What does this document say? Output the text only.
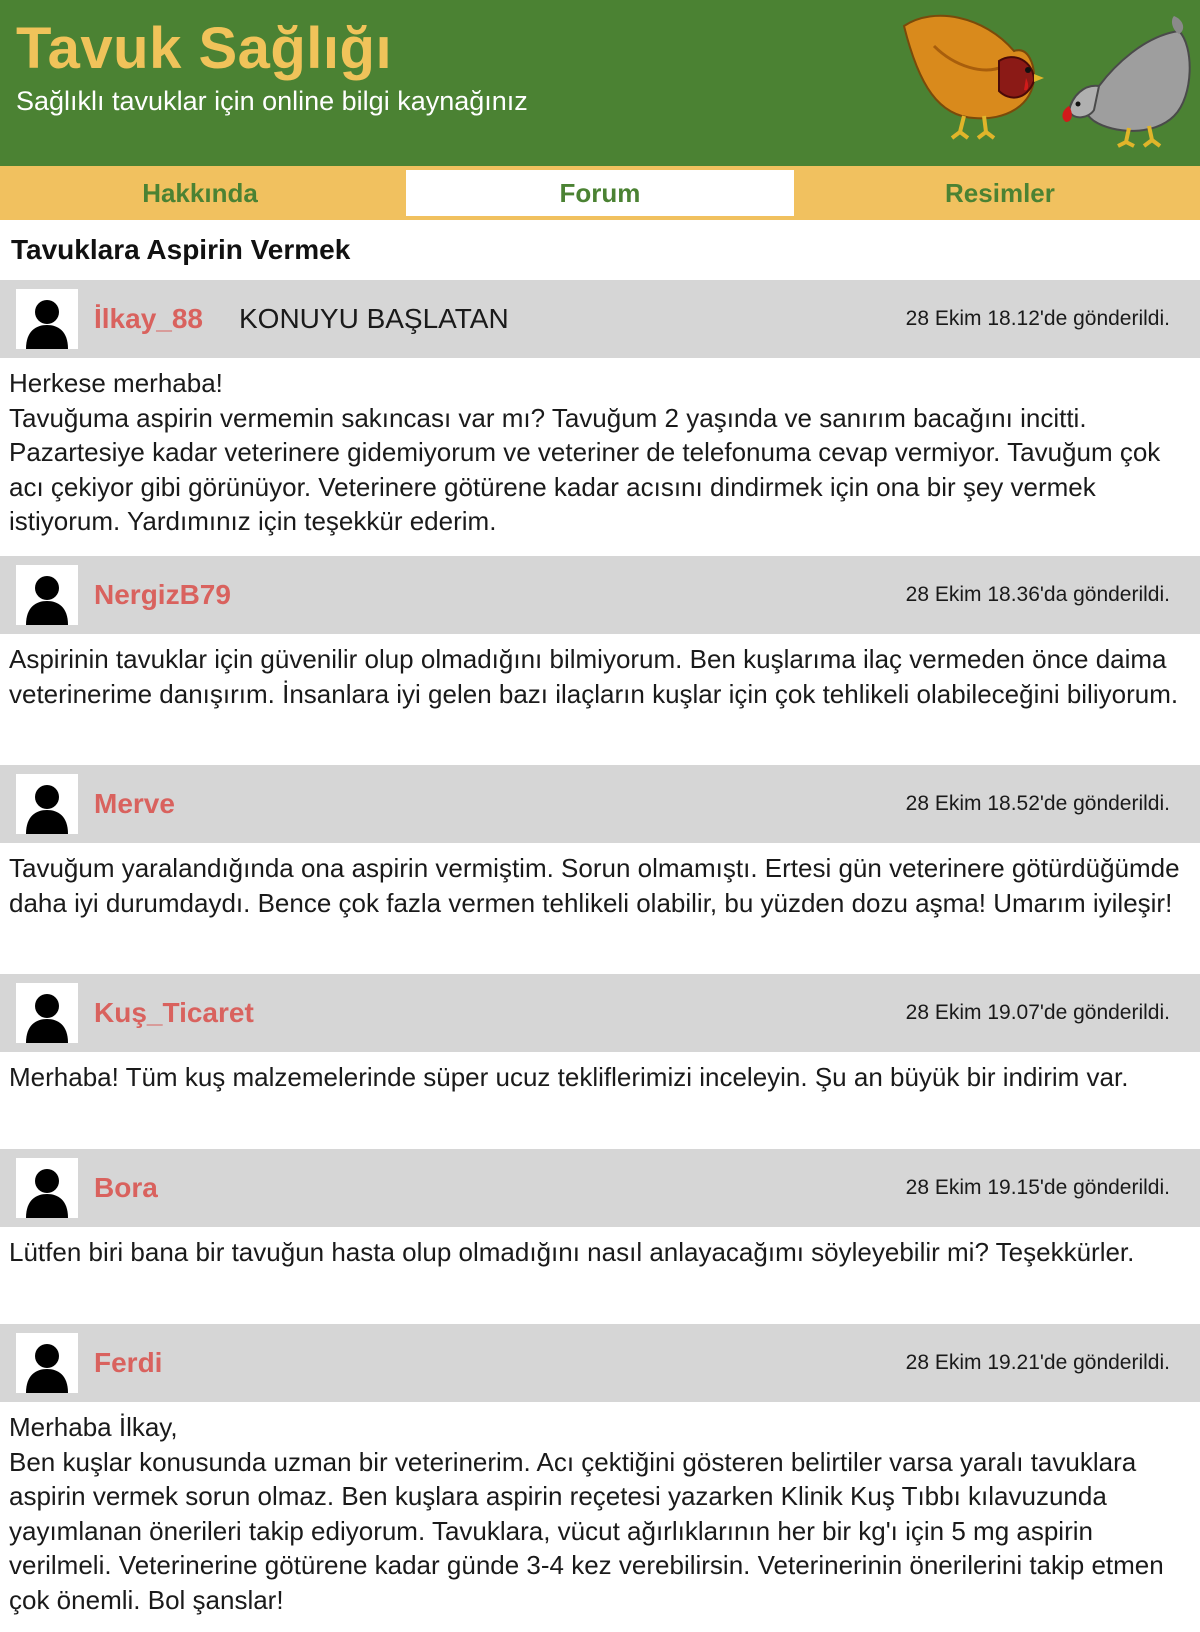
Tavuk Sağlığı
Sağlıklı tavuklar için online bilgi kaynağınız
Hakkında	Forum	Resimler
Tavuklara Aspirin Vermek
İlkay_88 KONUYU BAŞLATAN	28 Ekim 18.12'de gönderildi.
Herkese merhaba!
Tavuğuma aspirin vermemin sakıncası var mı? Tavuğum 2 yaşında ve sanırım bacağını incitti. Pazartesiye kadar veterinere gidemiyorum ve veteriner de telefonuma cevap vermiyor. Tavuğum çok acı çekiyor gibi görünüyor. Veterinere götürene kadar acısını dindirmek için ona bir şey vermek istiyorum. Yardımınız için teşekkür ederim.
NergizB79	28 Ekim 18.36'da gönderildi.
Aspirinin tavuklar için güvenilir olup olmadığını bilmiyorum. Ben kuşlarıma ilaç vermeden önce daima veterinerime danışırım. İnsanlara iyi gelen bazı ilaçların kuşlar için çok tehlikeli olabileceğini biliyorum.
Merve	28 Ekim 18.52'de gönderildi.
Tavuğum yaralandığında ona aspirin vermiştim. Sorun olmamıştı. Ertesi gün veterinere götürdüğümde daha iyi durumdaydı. Bence çok fazla vermen tehlikeli olabilir, bu yüzden dozu aşma! Umarım iyileşir!
Kuş_Ticaret	28 Ekim 19.07'de gönderildi.
Merhaba! Tüm kuş malzemelerinde süper ucuz tekliflerimizi inceleyin. Şu an büyük bir indirim var.
Bora	28 Ekim 19.15'de gönderildi.
Lütfen biri bana bir tavuğun hasta olup olmadığını nasıl anlayacağımı söyleyebilir mi? Teşekkürler.
Ferdi	28 Ekim 19.21'de gönderildi.
Merhaba İlkay,
Ben kuşlar konusunda uzman bir veterinerim. Acı çektiğini gösteren belirtiler varsa yaralı tavuklara aspirin vermek sorun olmaz. Ben kuşlara aspirin reçetesi yazarken Klinik Kuş Tıbbı kılavuzunda yayımlanan önerileri takip ediyorum. Tavuklara, vücut ağırlıklarının her bir kg'ı için 5 mg aspirin verilmeli. Veterinerine götürene kadar günde 3-4 kez verebilirsin. Veterinerinin önerilerini takip etmen çok önemli. Bol şanslar!
